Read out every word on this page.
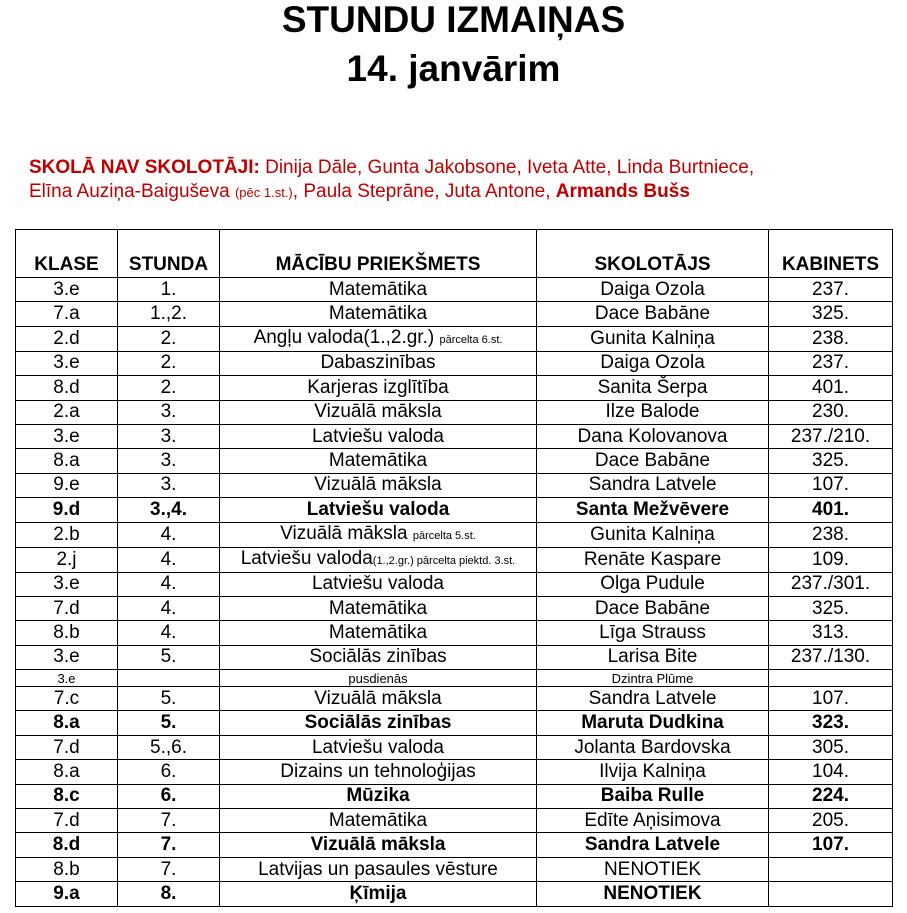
STUNDU IZMAIŅAS
14. janvārim
SKOLĀ NAV SKOLOTĀJI: Dinija Dāle, Gunta Jakobsone, Iveta Atte, Linda Burtniece,
Elīna Auziņa-Baiguševa (pēc 1.st.), Paula Steprāne, Juta Antone, Armands Bušs
KLASE	STUNDA	MĀCĪBU PRIEKŠMETS	SKOLOTĀJS	KABINETS
3.e	1.	Matemātika	Daiga Ozola	237.
7.a	1.,2.	Matemātika	Dace Babāne	325.
2.d	2.	Angļu valoda(1.,2.gr.) pārcelta 6.st.	Gunita Kalniņa	238.
3.e	2.	Dabaszinības	Daiga Ozola	237.
8.d	2.	Karjeras izglītība	Sanita Šerpa	401.
2.a	3.	Vizuālā māksla	Ilze Balode	230.
3.e	3.	Latviešu valoda	Dana Kolovanova	237./210.
8.a	3.	Matemātika	Dace Babāne	325.
9.e	3.	Vizuālā māksla	Sandra Latvele	107.
9.d	3.,4.	Latviešu valoda	Santa Mežvēvere	401.
2.b	4.	Vizuālā māksla pārcelta 5.st.	Gunita Kalniņa	238.
2.j	4.	Latviešu valoda(1.,2.gr.) pārcelta piektd. 3.st.	Renāte Kaspare	109.
3.e	4.	Latviešu valoda	Olga Pudule	237./301.
7.d	4.	Matemātika	Dace Babāne	325.
8.b	4.	Matemātika	Līga Strauss	313.
3.e	5.	Sociālās zinības	Larisa Bite	237./130.
3.e		pusdienās	Dzintra Plūme	
7.c	5.	Vizuālā māksla	Sandra Latvele	107.
8.a	5.	Sociālās zinības	Maruta Dudkina	323.
7.d	5.,6.	Latviešu valoda	Jolanta Bardovska	305.
8.a	6.	Dizains un tehnoloģijas	Ilvija Kalniņa	104.
8.c	6.	Mūzika	Baiba Rulle	224.
7.d	7.	Matemātika	Edīte Aņisimova	205.
8.d	7.	Vizuālā māksla	Sandra Latvele	107.
8.b	7.	Latvijas un pasaules vēsture	NENOTIEK	
9.a	8.	Ķīmija	NENOTIEK	
